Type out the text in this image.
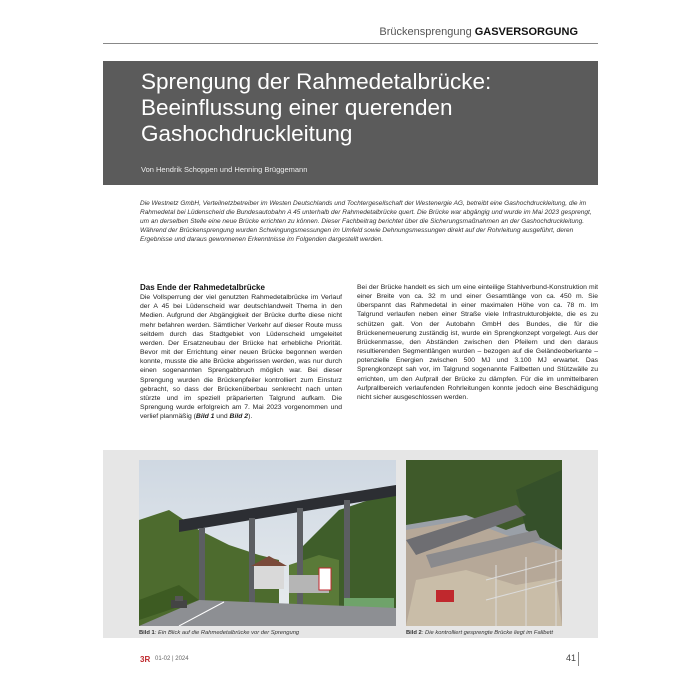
Brückensprengung GASVERSORGUNG
Sprengung der Rahmedetalbrücke:
Beeinflussung einer querenden
Gashochdruckleitung
Von Hendrik Schoppen und Henning Brüggemann

Die Westnetz GmbH, Verteilnetzbetreiber im Westen Deutschlands und Tochtergesellschaft der Westenergie AG, betreibt eine Gashochdruckleitung, die im Rahmedetal bei Lüdenscheid die Bundesautobahn A 45 unterhalb der Rahmedetalbrücke quert. Die Brücke war abgängig und wurde im Mai 2023 gesprengt, um an derselben Stelle eine neue Brücke errichten zu können. Dieser Fachbeitrag berichtet über die Sicherungsmaßnahmen an der Gashochdruckleitung. Während der Brückensprengung wurden Schwingungsmessungen im Umfeld sowie Dehnungsmessungen direkt auf der Rohrleitung ausgeführt, deren Ergebnisse und daraus gewonnenen Erkenntnisse im Folgenden dargestellt werden.

Das Ende der Rahmedetalbrücke

Die Vollsperrung der viel genutzten Rahmedetalbrücke im Verlauf der A 45 bei Lüdenscheid war deutschlandweit Thema in den Medien. Aufgrund der Abgängigkeit der Brücke durfte diese nicht mehr befahren werden. Sämtlicher Verkehr auf dieser Route muss seitdem durch das Stadtgebiet von Lüdenscheid umgeleitet werden. Der Ersatzneubau der Brücke hat erhebliche Priorität. Bevor mit der Errichtung einer neuen Brücke begonnen werden konnte, musste die alte Brücke abgerissen werden, was nur durch einen sogenannten Sprengabbruch möglich war. Bei dieser Sprengung wurden die Brückenpfeiler kontrolliert zum Einsturz gebracht, so dass der Brückenüberbau senkrecht nach unten stürzte und im speziell präparierten Talgrund aufkam. Die Sprengung wurde erfolgreich am 7. Mai 2023 vorgenommen und verlief planmäßig (Bild 1 und Bild 2).

Bei der Brücke handelt es sich um eine einteilige Stahlverbund-Konstruktion mit einer Breite von ca. 32 m und einer Gesamtlänge von ca. 450 m. Sie überspannt das Rahmedetal in einer maximalen Höhe von ca. 78 m. Im Talgrund verlaufen neben einer Straße viele Infrastrukturobjekte, die es zu schützen galt. Von der Autobahn GmbH des Bundes, die für die Brückenerneuerung zuständig ist, wurde ein Sprengkonzept vorgelegt. Aus der Brückenmasse, den Abständen zwischen den Pfeilern und den daraus resultierenden Segmentlängen wurden – bezogen auf die Geländeoberkante – potenzielle Energien zwischen 500 MJ und 3.100 MJ erwartet. Das Sprengkonzept sah vor, im Talgrund sogenannte Fallbetten und Stützwälle zu errichten, um den Aufprall der Brücke zu dämpfen. Für die im unmittelbaren Aufprallbereich verlaufenden Rohrleitungen konnte jedoch eine Beschädigung nicht sicher ausgeschlossen werden.

Bild 1: Ein Blick auf die Rahmedetalbrücke vor der Sprengung	Bild 2: Die kontrolliert gesprengte Brücke liegt im Fallbett
3R 01-02 | 2024	41
